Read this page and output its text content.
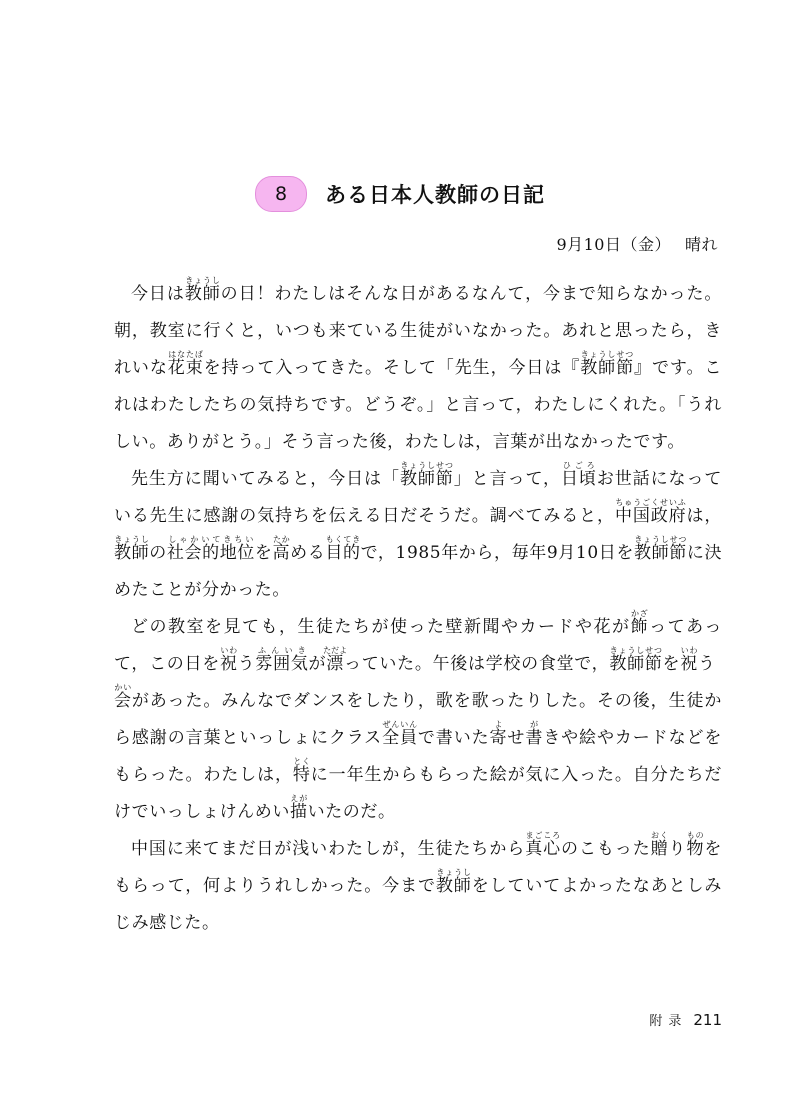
8	ある日本人教師の日記
9月10日（金） 晴れ

今日は教師きょうしの日！わたしはそんな日があるなんて，今まで知らなかった。朝，教室に行くと，いつも来ている生徒がいなかった。あれと思ったら，きれいな花束はなたばを持って入ってきた。そして「先生，今日は『教師節きょうしせつ』です。これはわたしたちの気持ちです。どうぞ。」と言って，わたしにくれた。「うれしい。ありがとう。」そう言った後，わたしは，言葉が出なかったです。

先生方に聞いてみると，今日は「教師節きょうしせつ」と言って，日頃ひごろお世話になっている先生に感謝の気持ちを伝える日だそうだ。調べてみると，中国政府ちゅうごくせいふは，教師きょうしの社会的地位しゃかいてきちいを高たかめる目的もくてきで，1985年から，毎年9月10日を教師節きょうしせつに決めたことが分かった。

どの教室を見ても，生徒たちが使った壁新聞やカードや花が飾かざってあって，この日を祝いわう雰囲気ふんいきが漂ただよっていた。午後は学校の食堂で，教師節きょうしせつを祝いわう会かいがあった。みんなでダンスをしたり，歌を歌ったりした。その後，生徒から感謝の言葉といっしょにクラス全員ぜんいんで書いた寄よせ書がきや絵やカードなどをもらった。わたしは，特とくに一年生からもらった絵が気に入った。自分たちだけでいっしょけんめい描えがいたのだ。

中国に来てまだ日が浅いわたしが，生徒たちから真心まごころのこもった贈おくり物ものをもらって，何よりうれしかった。今まで教師きょうしをしていてよかったなあとしみじみ感じた。

附录 211
